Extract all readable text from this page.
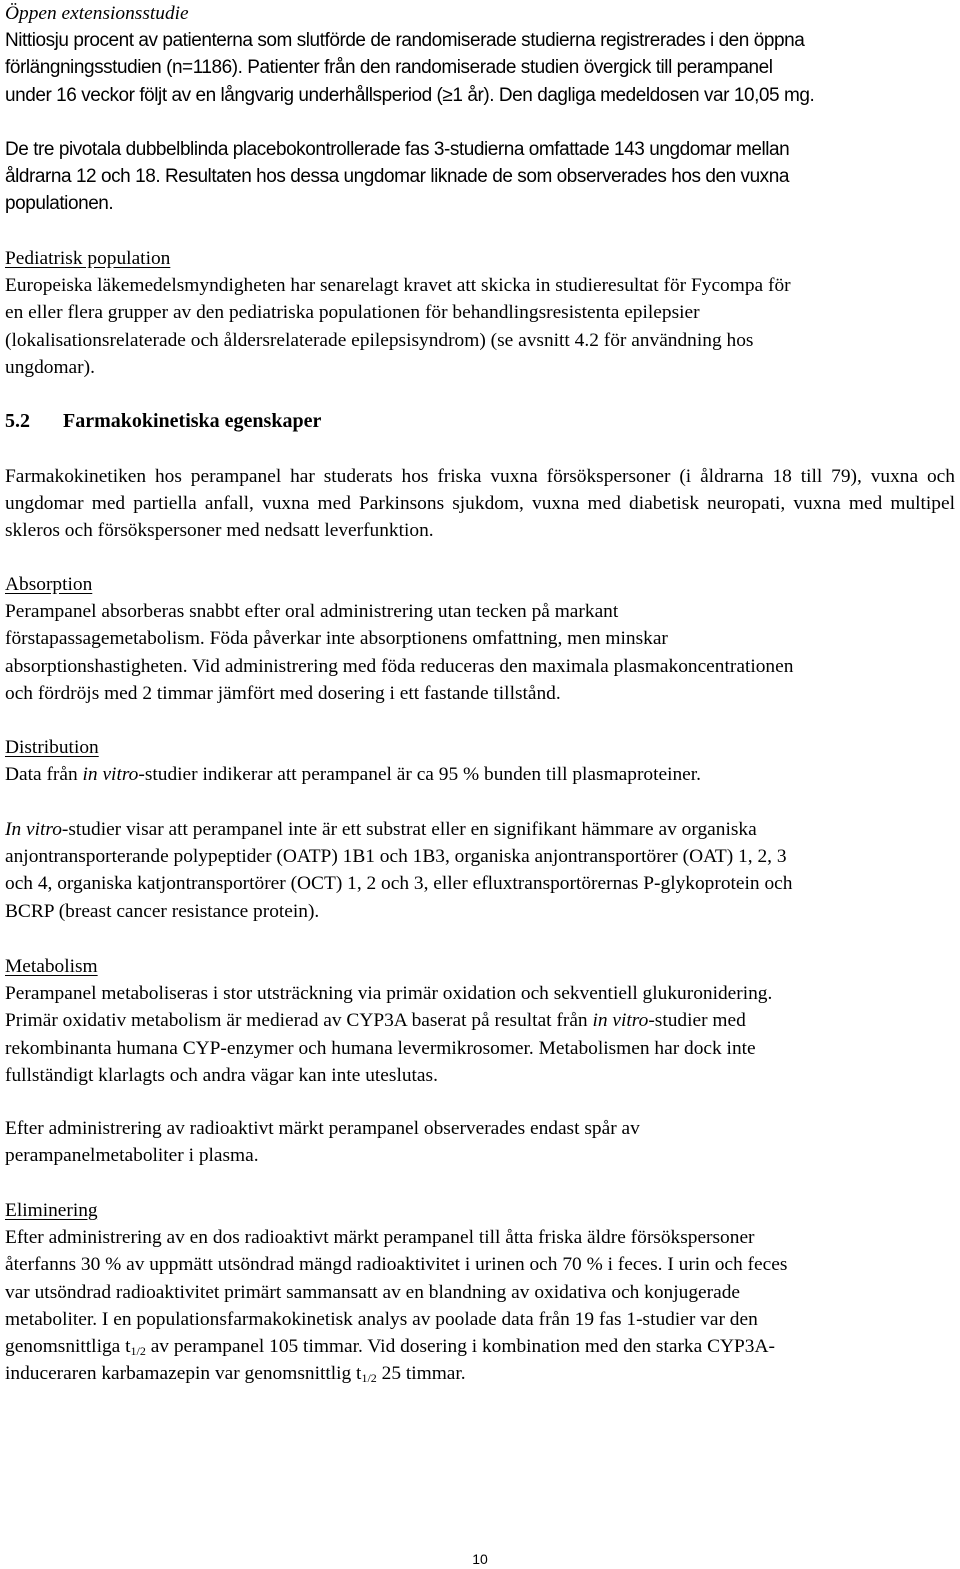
Öppen extensionsstudie

Nittiosju procent av patienterna som slutförde de randomiserade studierna registrerades i den öppna

förlängningsstudien (n=1186). Patienter från den randomiserade studien övergick till perampanel

under 16 veckor följt av en långvarig underhållsperiod (≥1 år). Den dagliga medeldosen var 10,05 mg.

De tre pivotala dubbelblinda placebokontrollerade fas 3-studierna omfattade 143 ungdomar mellan

åldrarna 12 och 18. Resultaten hos dessa ungdomar liknade de som observerades hos den vuxna

populationen.

Pediatrisk population

Europeiska läkemedelsmyndigheten har senarelagt kravet att skicka in studieresultat för Fycompa för

en eller flera grupper av den pediatriska populationen för behandlingsresistenta epilepsier

(lokalisationsrelaterade och åldersrelaterade epilepsisyndrom) (se avsnitt 4.2 för användning hos

ungdomar).

5.2 Farmakokinetiska egenskaper

Farmakokinetiken hos perampanel har studerats hos friska vuxna försökspersoner (i åldrarna 18 till 79), vuxna och ungdomar med partiella anfall, vuxna med Parkinsons sjukdom, vuxna med diabetisk neuropati, vuxna med multipel skleros och försökspersoner med nedsatt leverfunktion.

Absorption

Perampanel absorberas snabbt efter oral administrering utan tecken på markant

förstapassagemetabolism. Föda påverkar inte absorptionens omfattning, men minskar

absorptionshastigheten. Vid administrering med föda reduceras den maximala plasmakoncentrationen

och fördröjs med 2 timmar jämfört med dosering i ett fastande tillstånd.

Distribution

Data från in vitro-studier indikerar att perampanel är ca 95 % bunden till plasmaproteiner.

In vitro-studier visar att perampanel inte är ett substrat eller en signifikant hämmare av organiska

anjontransporterande polypeptider (OATP) 1B1 och 1B3, organiska anjontransportörer (OAT) 1, 2, 3

och 4, organiska katjontransportörer (OCT) 1, 2 och 3, eller efluxtransportörernas P-glykoprotein och

BCRP (breast cancer resistance protein).

Metabolism

Perampanel metaboliseras i stor utsträckning via primär oxidation och sekventiell glukuronidering.

Primär oxidativ metabolism är medierad av CYP3A baserat på resultat från in vitro-studier med

rekombinanta humana CYP-enzymer och humana levermikrosomer. Metabolismen har dock inte

fullständigt klarlagts och andra vägar kan inte uteslutas.

Efter administrering av radioaktivt märkt perampanel observerades endast spår av

perampanelmetaboliter i plasma.

Eliminering

Efter administrering av en dos radioaktivt märkt perampanel till åtta friska äldre försökspersoner

återfanns 30 % av uppmätt utsöndrad mängd radioaktivitet i urinen och 70 % i feces. I urin och feces

var utsöndrad radioaktivitet primärt sammansatt av en blandning av oxidativa och konjugerade

metaboliter. I en populationsfarmakokinetisk analys av poolade data från 19 fas 1-studier var den

genomsnittliga $t_{1/2}$ av perampanel 105 timmar. Vid dosering i kombination med den starka CYP3A-

induceraren karbamazepin var genomsnittlig $t_{1/2}$ 25 timmar.

10
